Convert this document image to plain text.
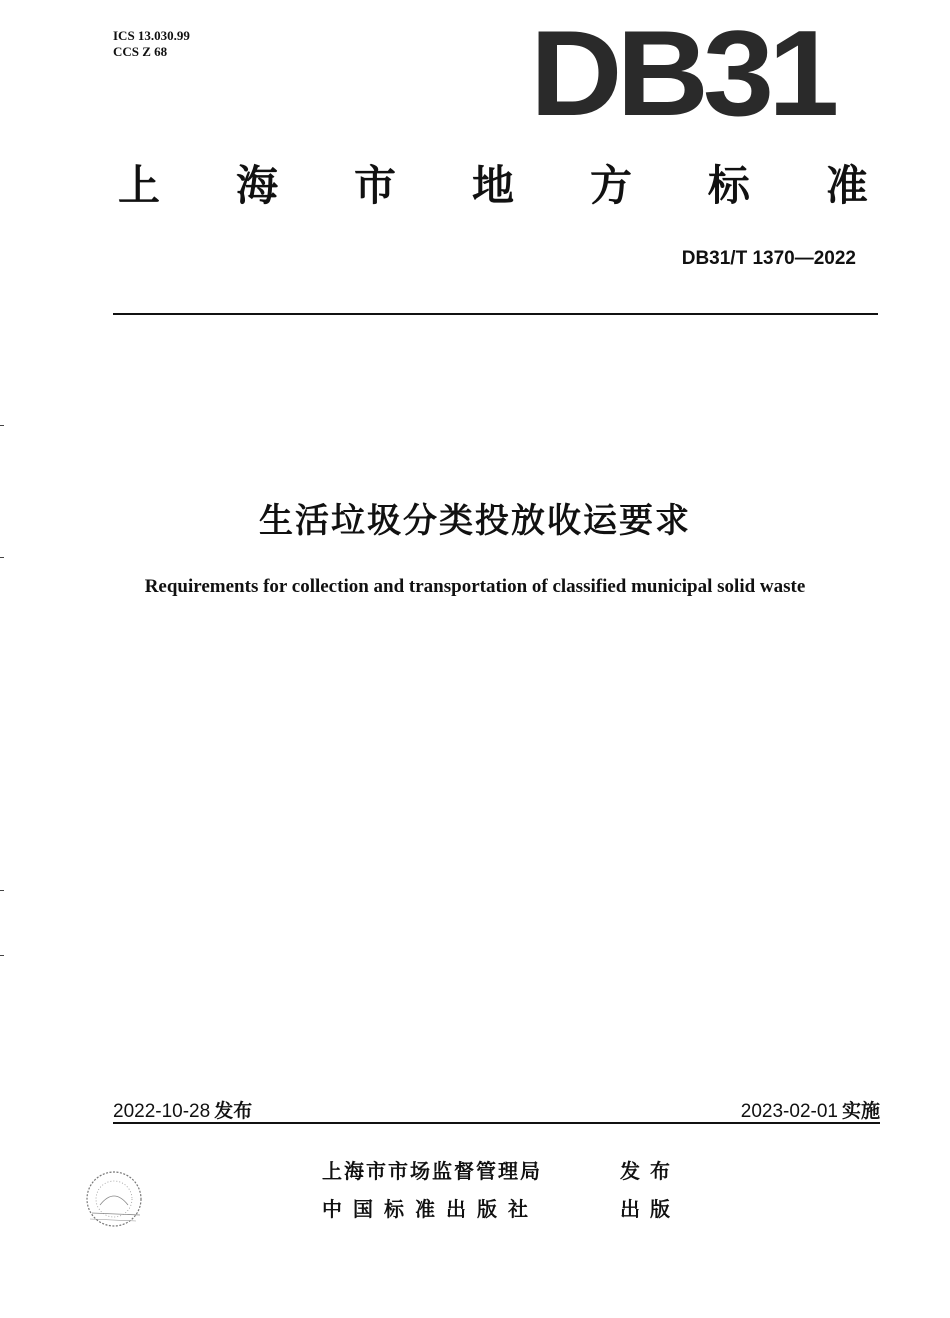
ICS 13.030.99
CCS Z 68	DB31
上 海 市 地 方 标 准
DB31/T 1370—2022
生活垃圾分类投放收运要求
Requirements for collection and transportation of classified municipal solid waste
2022-10-28 发布	2023-02-01 实施
上海市市场监督管理局	发布
中国标准出版社	出版
